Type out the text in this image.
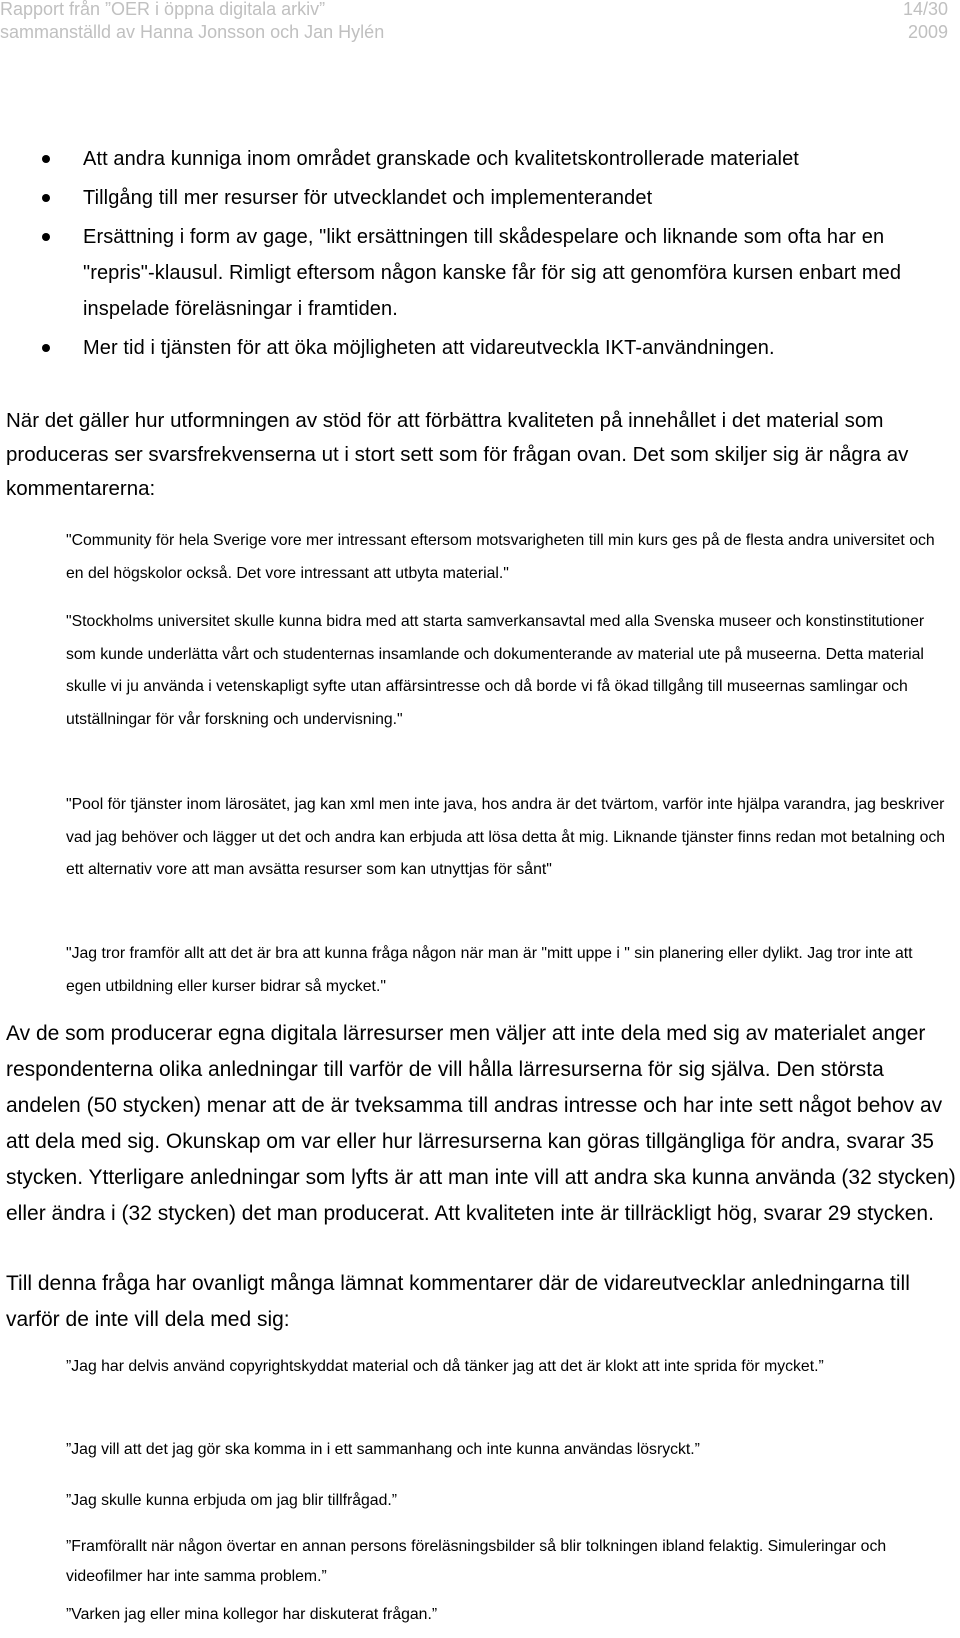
Rapport från ”OER i öppna digitala arkiv”
sammanställd av Hanna Jonsson och Jan Hylén
14/30
2009
Att andra kunniga inom området granskade och kvalitetskontrollerade materialet
Tillgång till mer resurser för utvecklandet och implementerandet
Ersättning i form av gage, "likt ersättningen till skådespelare och liknande som ofta har en "repris"-klausul. Rimligt eftersom någon kanske får för sig att genomföra kursen enbart med inspelade föreläsningar i framtiden.
Mer tid i tjänsten för att öka möjligheten att vidareutveckla IKT-användningen.

När det gäller hur utformningen av stöd för att förbättra kvaliteten på innehållet i det material som produceras ser svarsfrekvenserna ut i stort sett som för frågan ovan. Det som skiljer sig är några av kommentarerna:

"Community för hela Sverige vore mer intressant eftersom motsvarigheten till min kurs ges på de flesta andra universitet och en del högskolor också. Det vore intressant att utbyta material."

"Stockholms universitet skulle kunna bidra med att starta samverkansavtal med alla Svenska museer och konstinstitutioner som kunde underlätta vårt och studenternas insamlande och dokumenterande av material ute på museerna. Detta material skulle vi ju använda i vetenskapligt syfte utan affärsintresse och då borde vi få ökad tillgång till museernas samlingar och utställningar för vår forskning och undervisning."

"Pool för tjänster inom lärosätet, jag kan xml men inte java, hos andra är det tvärtom, varför inte hjälpa varandra, jag beskriver vad jag behöver och lägger ut det och andra kan erbjuda att lösa detta åt mig. Liknande tjänster finns redan mot betalning och ett alternativ vore att man avsätta resurser som kan utnyttjas för sånt"

"Jag tror framför allt att det är bra att kunna fråga någon när man är "mitt uppe i " sin planering eller dylikt. Jag tror inte att egen utbildning eller kurser bidrar så mycket."

Av de som producerar egna digitala lärresurser men väljer att inte dela med sig av materialet anger respondenterna olika anledningar till varför de vill hålla lärresurserna för sig själva. Den största andelen (50 stycken) menar att de är tveksamma till andras intresse och har inte sett något behov av att dela med sig. Okunskap om var eller hur lärresurserna kan göras tillgängliga för andra, svarar 35 stycken. Ytterligare anledningar som lyfts är att man inte vill att andra ska kunna använda (32 stycken) eller ändra i (32 stycken) det man producerat. Att kvaliteten inte är tillräckligt hög, svarar 29 stycken.

Till denna fråga har ovanligt många lämnat kommentarer där de vidareutvecklar anledningarna till varför de inte vill dela med sig:

”Jag har delvis använd copyrightskyddat material och då tänker jag att det är klokt att inte sprida för mycket.”

”Jag vill att det jag gör ska komma in i ett sammanhang och inte kunna användas lösryckt.”

”Jag skulle kunna erbjuda om jag blir tillfrågad.”

”Framförallt när någon övertar en annan persons föreläsningsbilder så blir tolkningen ibland felaktig. Simuleringar och videofilmer har inte samma problem.”

”Varken jag eller mina kollegor har diskuterat frågan.”
